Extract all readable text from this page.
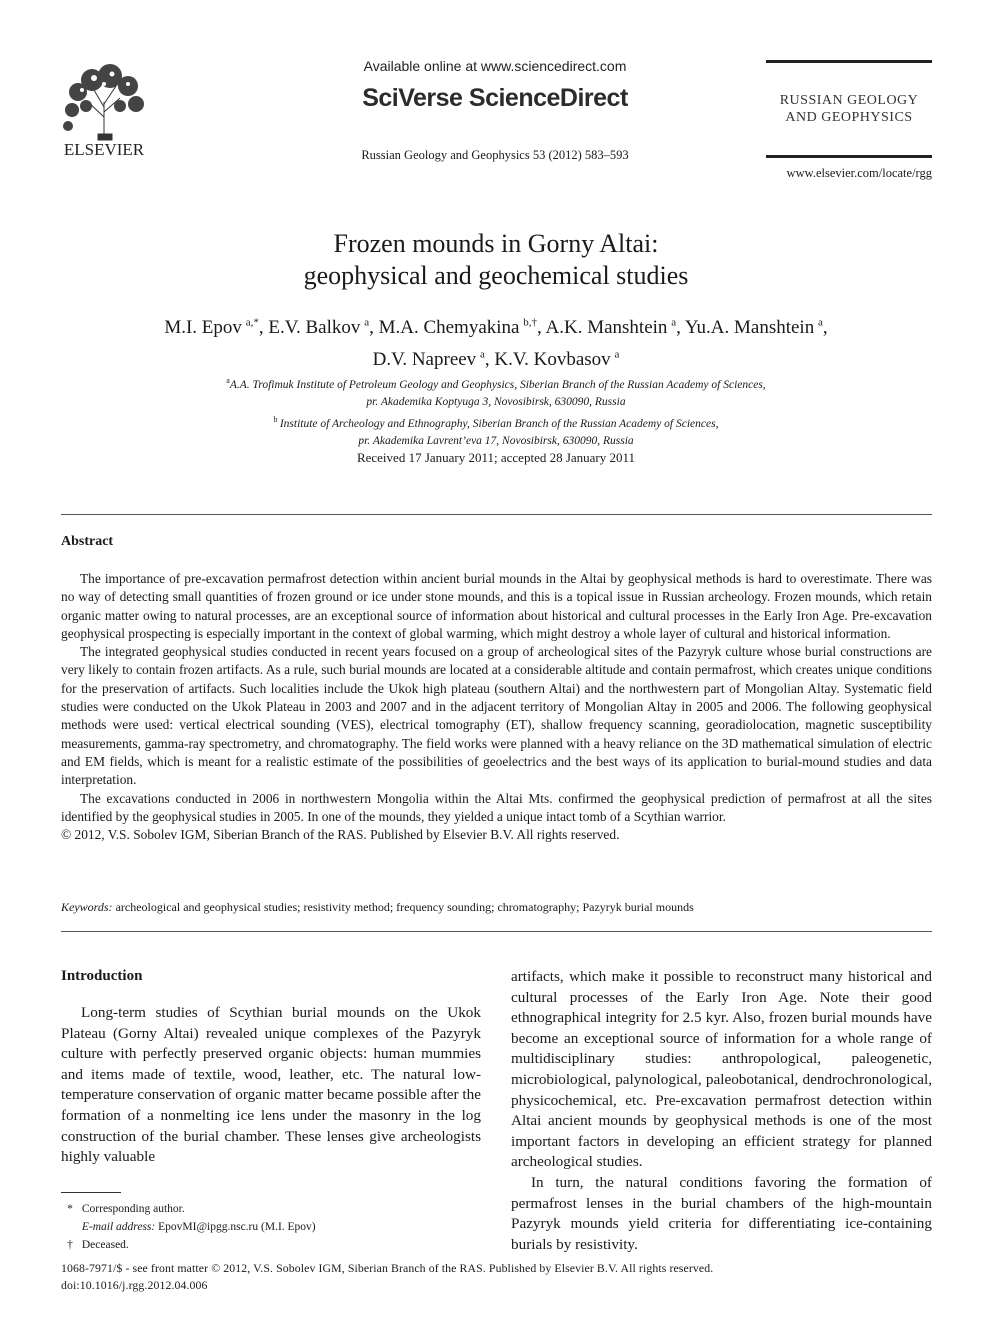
ELSEVIER
Available online at www.sciencedirect.com
SciVerse ScienceDirect
Russian Geology and Geophysics 53 (2012) 583–593
RUSSIAN GEOLOGY
AND GEOPHYSICS
www.elsevier.com/locate/rgg
Frozen mounds in Gorny Altai:
geophysical and geochemical studies
M.I. Epov  $^{a,*}$, E.V. Balkov  $^a$, M.A. Chemyakina  $^{b,\dagger}$, A.K. Manshtein  $^a$, Yu.A. Manshtein  $^a$,
D.V. Napreev  $^a$, K.V. Kovbasov  $^a$
$^a$A.A. Trofimuk Institute of Petroleum Geology and Geophysics, Siberian Branch of the Russian Academy of Sciences,
pr. Akademika Koptyuga 3, Novosibirsk, 630090, Russia
$^b$  Institute of Archeology and Ethnography, Siberian Branch of the Russian Academy of Sciences,
pr. Akademika Lavrent’eva 17, Novosibirsk, 630090, Russia
Received 17 January 2011; accepted 28 January 2011
Abstract

The importance of pre-excavation permafrost detection within ancient burial mounds in the Altai by geophysical methods is hard to overestimate. There was no way of detecting small quantities of frozen ground or ice under stone mounds, and this is a topical issue in Russian archeology. Frozen mounds, which retain organic matter owing to natural processes, are an exceptional source of information about historical and cultural processes in the Early Iron Age. Pre-excavation geophysical prospecting is especially important in the context of global warming, which might destroy a whole layer of cultural and historical information.

The integrated geophysical studies conducted in recent years focused on a group of archeological sites of the Pazyryk culture whose burial constructions are very likely to contain frozen artifacts. As a rule, such burial mounds are located at a considerable altitude and contain permafrost, which creates unique conditions for the preservation of artifacts. Such localities include the Ukok high plateau (southern Altai) and the northwestern part of Mongolian Altay. Systematic field studies were conducted on the Ukok Plateau in 2003 and 2007 and in the adjacent territory of Mongolian Altay in 2005 and 2006. The following geophysical methods were used: vertical electrical sounding (VES), electrical tomography (ET), shallow frequency scanning, georadiolocation, magnetic susceptibility measurements, gamma-ray spectrometry, and chromatography. The field works were planned with a heavy reliance on the 3D mathematical simulation of electric and EM fields, which is meant for a realistic estimate of the possibilities of geoelectrics and the best ways of its application to burial-mound studies and data interpretation.

The excavations conducted in 2006 in northwestern Mongolia within the Altai Mts. confirmed the geophysical prediction of permafrost at all the sites identified by the geophysical studies in 2005. In one of the mounds, they yielded a unique intact tomb of a Scythian warrior.

© 2012, V.S. Sobolev IGM, Siberian Branch of the RAS. Published by Elsevier B.V. All rights reserved.
Keywords: archeological and geophysical studies; resistivity method; frequency sounding; chromatography; Pazyryk burial mounds
Introduction

Long-term studies of Scythian burial mounds on the Ukok Plateau (Gorny Altai) revealed unique complexes of the Pazyryk culture with perfectly preserved organic objects: human mummies and items made of textile, wood, leather, etc. The natural low-temperature conservation of organic matter became possible after the formation of a nonmelting ice lens under the masonry in the log construction of the burial chamber. These lenses give archeologists highly valuable

artifacts, which make it possible to reconstruct many historical and cultural processes of the Early Iron Age. Note their good ethnographical integrity for 2.5 kyr. Also, frozen burial mounds have become an exceptional source of information for a whole range of multidisciplinary studies: anthropological, paleogenetic, microbiological, palynological, paleobotanical, dendrochronological, physicochemical, etc. Pre-excavation permafrost detection within Altai ancient mounds by geophysical methods is one of the most important factors in developing an efficient strategy for planned archeological studies.

In turn, the natural conditions favoring the formation of permafrost lenses in the burial chambers of the high-mountain Pazyryk mounds yield criteria for differentiating ice-containing burials by resistivity.

* Corresponding author.
E-mail address: EpovMI@ipgg.nsc.ru (M.I. Epov)
† Deceased.
1068-7971/$ - see front matter © 2012, V.S. Sobolev IGM, Siberian Branch of the RAS. Published by Elsevier B.V. All rights reserved.
doi:10.1016/j.rgg.2012.04.006
